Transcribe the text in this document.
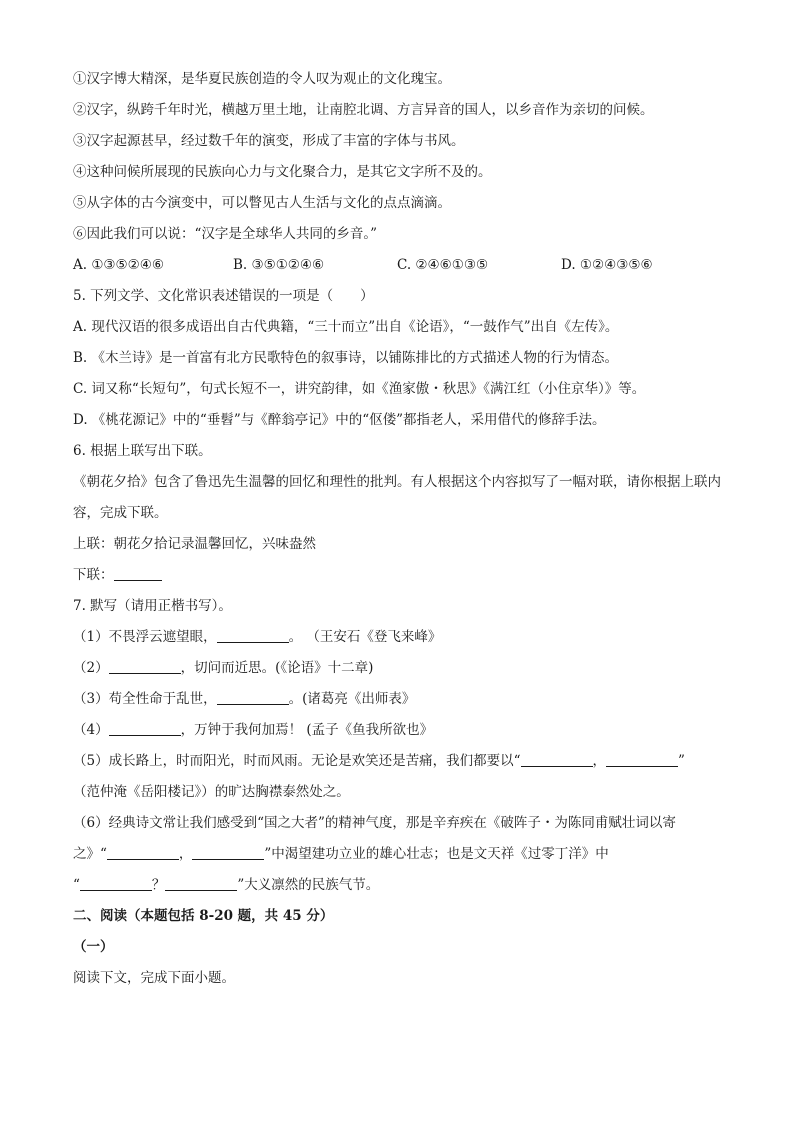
①汉字博大精深，是华夏民族创造的令人叹为观止的文化瑰宝。
②汉字，纵跨千年时光，横越万里土地，让南腔北调、方言异音的国人，以乡音作为亲切的问候。
③汉字起源甚早，经过数千年的演变，形成了丰富的字体与书风。
④这种问候所展现的民族向心力与文化聚合力，是其它文字所不及的。
⑤从字体的古今演变中，可以瞥见古人生活与文化的点点滴滴。
⑥因此我们可以说：“汉字是全球华人共同的乡音。”
A. ①③⑤②④⑥	B. ③⑤①②④⑥	C. ②④⑥①③⑤	D. ①②④③⑤⑥
5. 下列文学、文化常识表述错误的一项是（　　）
A. 现代汉语的很多成语出自古代典籍，“三十而立”出自《论语》，“一鼓作气”出自《左传》。
B. 《木兰诗》是一首富有北方民歌特色的叙事诗，以铺陈排比的方式描述人物的行为情态。
C. 词又称“长短句”，句式长短不一，讲究韵律，如《渔家傲・秋思》《满江红（小住京华）》等。
D. 《桃花源记》中的“垂髫”与《醉翁亭记》中的“伛偻”都指老人，采用借代的修辞手法。
6. 根据上联写出下联。
《朝花夕拾》包含了鲁迅先生温馨的回忆和理性的批判。有人根据这个内容拟写了一幅对联，请你根据上联内容，完成下联。
上联：朝花夕拾记录温馨回忆，兴味盎然
下联：
7. 默写（请用正楷书写）。
（1）不畏浮云遮望眼，	。 （王安石《登飞来峰》
（2）	，切问而近思。(《论语》十二章)
（3）苟全性命于乱世，	。(诸葛亮《出师表》
（4）	，万钟于我何加焉！ (孟子《鱼我所欲也》
（5）成长路上，时而阳光，时而风雨。无论是欢笑还是苦痛，我们都要以“	，	”
（范仲淹《岳阳楼记》）的旷达胸襟泰然处之。
（6）经典诗文常让我们感受到“国之大者”的精神气度，那是辛弃疾在《破阵子・为陈同甫赋壮词以寄
之》“	，	”中渴望建功立业的雄心壮志；也是文天祥《过零丁洋》中
“	？	”大义凛然的民族气节。
二、阅读（本题包括 8-20 题，共 45 分）
（一）
阅读下文，完成下面小题。
